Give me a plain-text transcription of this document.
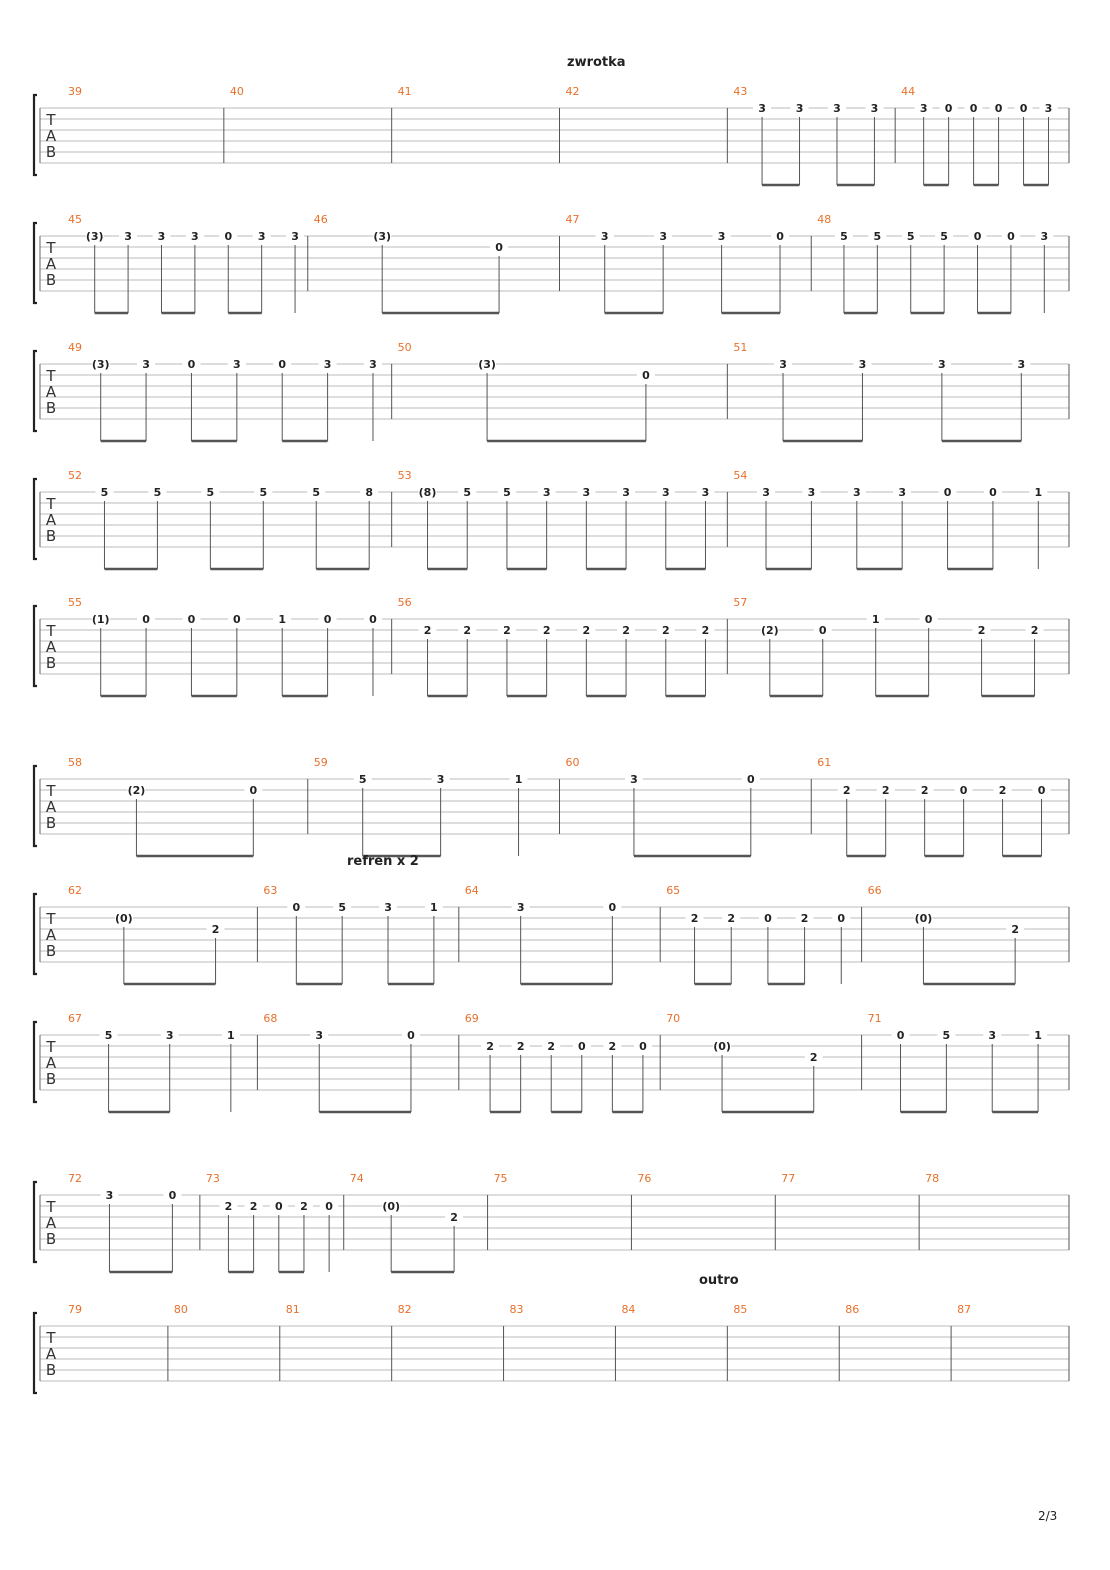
T
A
B
39	40	41	42	43
3	3	3	3
44
3 0 0 0 0 3
T
A
B
45
(3) 3 3 3 0 3 3
46
(3)
0
47
3	3	3	0
48
5 5 5 5 0 0 3
T
A
B
49
(3)	3	0	3	0	3	3
50
(3)
0
51
3	3	3	3
T
A
B
52
5	5	5	5	5	8
53
(8) 5	5	3	3	3	3	3
54
3	3	3	3	0	0	1
T
A
B
55
(1)	0	0	0	1	0	0
56
2	2	2	2	2	2	2	2
57
(2)	0
1	0
2	2
T
A
B
58
(2)	0
59
5	3	1
60
3	0
61
2	2	2	0	2	0
T
A
B
62
(0)
2
63
0	5	3	1
64
3	0
65
2	2	0	2	0
66
(0)
2
T
A
B
67
5	3	1
68
3	0
69
2 2 2 0 2 0
70
(0)
2
71
0	5	3	1
T
A
B
72
3	0
73
2 2 0 2 0
74
(0)
2
75	76	77	78
T
A
B
79	80	81	82	83	84	85	86	87
zwrotka
refren x 2
outro
2/3
